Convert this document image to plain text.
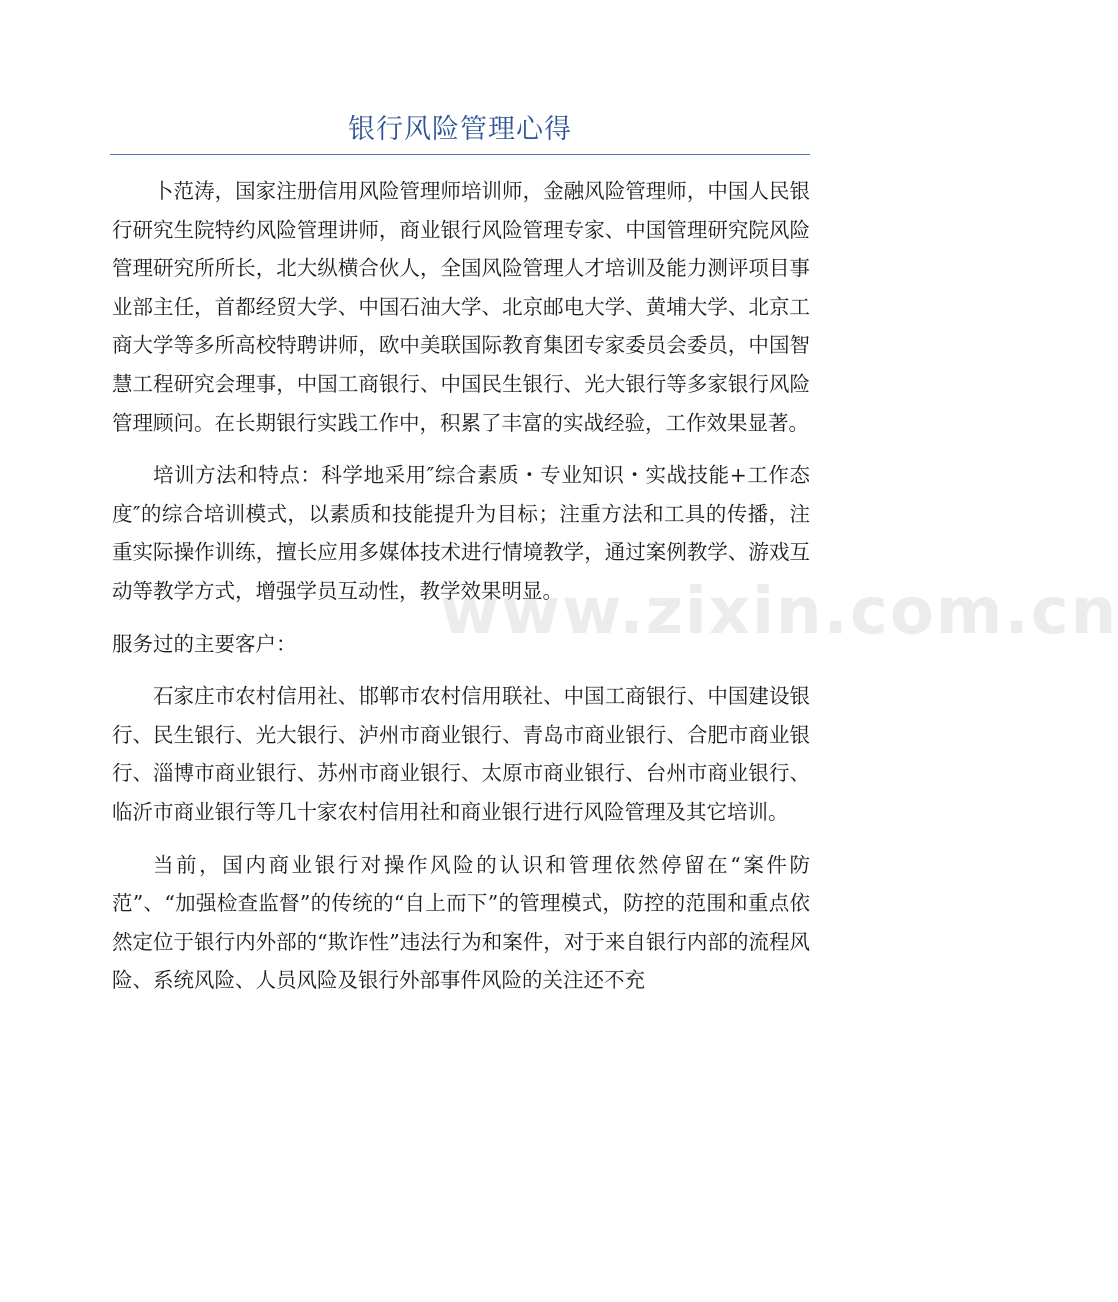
银行风险管理心得

卜范涛，国家注册信用风险管理师培训师，金融风险管理师，中国人民银行研究生院特约风险管理讲师，商业银行风险管理专家、中国管理研究院风险管理研究所所长，北大纵横合伙人，全国风险管理人才培训及能力测评项目事业部主任，首都经贸大学、中国石油大学、北京邮电大学、黄埔大学、北京工商大学等多所高校特聘讲师，欧中美联国际教育集团专家委员会委员，中国智慧工程研究会理事，中国工商银行、中国民生银行、光大银行等多家银行风险管理顾问。在长期银行实践工作中，积累了丰富的实战经验，工作效果显著。

培训方法和特点：科学地采用″综合素质・专业知识・实战技能+工作态度″的综合培训模式，以素质和技能提升为目标；注重方法和工具的传播，注重实际操作训练，擅长应用多媒体技术进行情境教学，通过案例教学、游戏互动等教学方式，增强学员互动性，教学效果明显。

服务过的主要客户：

石家庄市农村信用社、邯郸市农村信用联社、中国工商银行、中国建设银行、民生银行、光大银行、泸州市商业银行、青岛市商业银行、合肥市商业银行、淄博市商业银行、苏州市商业银行、太原市商业银行、台州市商业银行、临沂市商业银行等几十家农村信用社和商业银行进行风险管理及其它培训。

当前，国内商业银行对操作风险的认识和管理依然停留在“案件防范”、“加强检查监督”的传统的“自上而下”的管理模式，防控的范围和重点依然定位于银行内外部的“欺诈性”违法行为和案件，对于来自银行内部的流程风险、系统风险、人员风险及银行外部事件风险的关注还不充

www.zixin.com.cn
